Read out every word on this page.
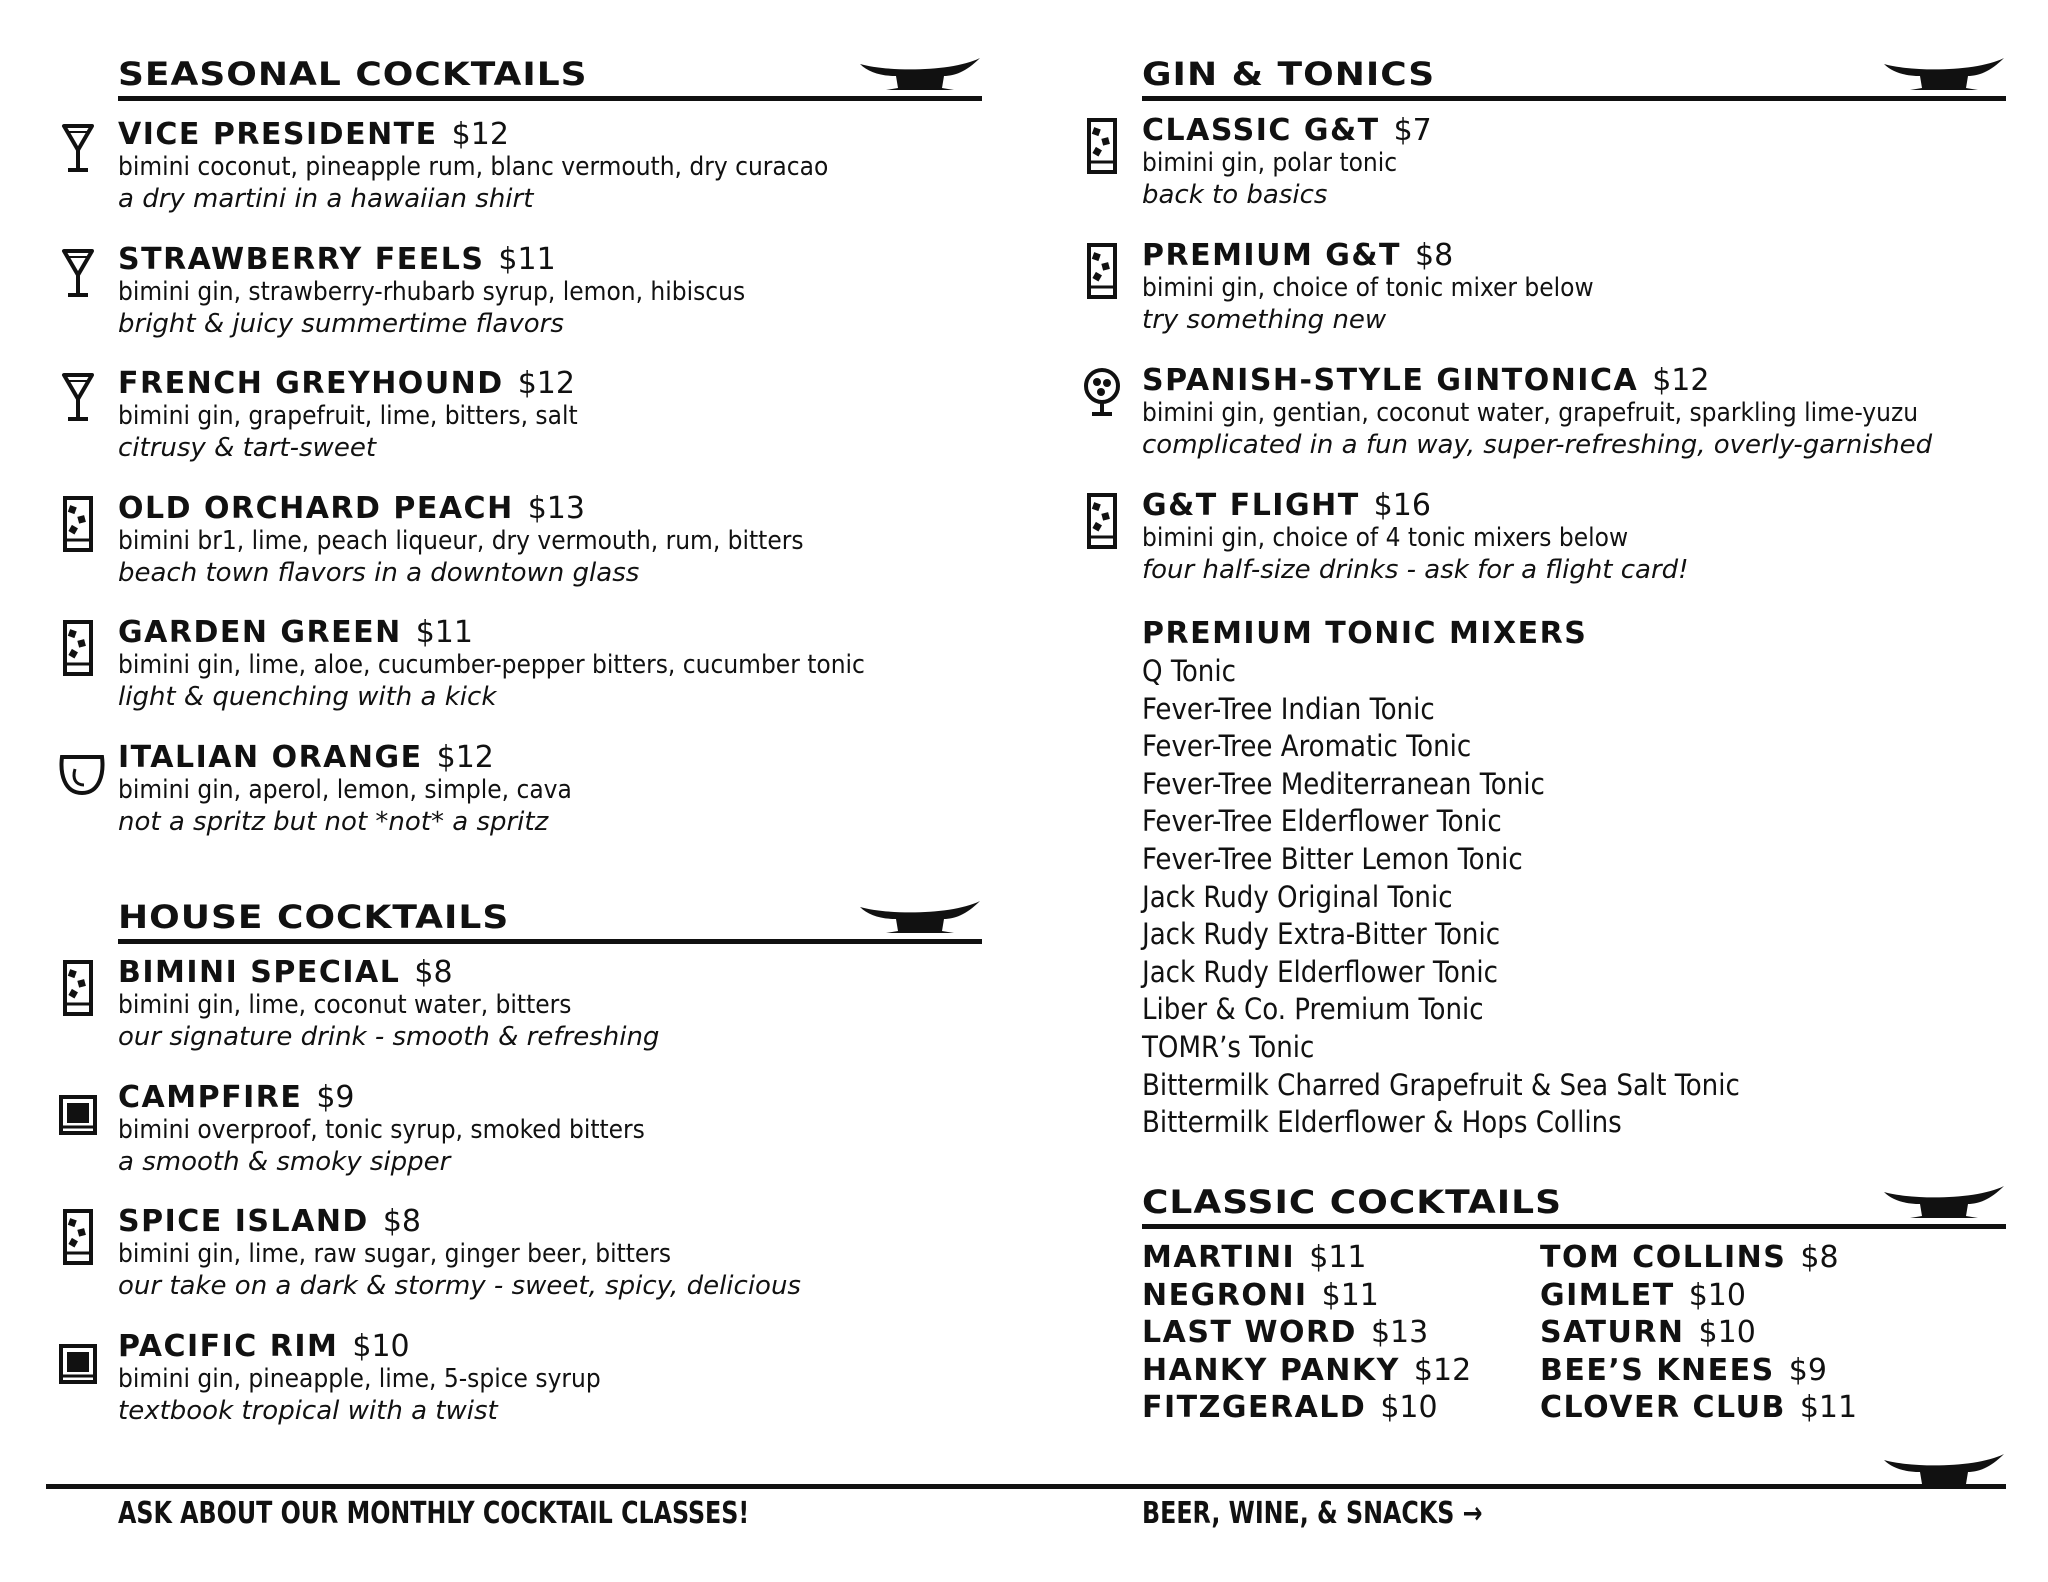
SEASONAL COCKTAILS
VICE PRESIDENTE $12
bimini coconut, pineapple rum, blanc vermouth, dry curacao
a dry martini in a hawaiian shirt
STRAWBERRY FEELS $11
bimini gin, strawberry-rhubarb syrup, lemon, hibiscus
bright & juicy summertime flavors
FRENCH GREYHOUND $12
bimini gin, grapefruit, lime, bitters, salt
citrusy & tart-sweet
OLD ORCHARD PEACH $13
bimini br1, lime, peach liqueur, dry vermouth, rum, bitters
beach town flavors in a downtown glass
GARDEN GREEN $11
bimini gin, lime, aloe, cucumber-pepper bitters, cucumber tonic
light & quenching with a kick
ITALIAN ORANGE $12
bimini gin, aperol, lemon, simple, cava
not a spritz but not *not* a spritz
HOUSE COCKTAILS
BIMINI SPECIAL $8
bimini gin, lime, coconut water, bitters
our signature drink - smooth & refreshing
CAMPFIRE $9
bimini overproof, tonic syrup, smoked bitters
a smooth & smoky sipper
SPICE ISLAND $8
bimini gin, lime, raw sugar, ginger beer, bitters
our take on a dark & stormy - sweet, spicy, delicious
PACIFIC RIM $10
bimini gin, pineapple, lime, 5-spice syrup
textbook tropical with a twist
GIN & TONICS
CLASSIC G&T $7
bimini gin, polar tonic
back to basics
PREMIUM G&T $8
bimini gin, choice of tonic mixer below
try something new
SPANISH-STYLE GINTONICA $12
bimini gin, gentian, coconut water, grapefruit, sparkling lime-yuzu
complicated in a fun way, super-refreshing, overly-garnished
G&T FLIGHT $16
bimini gin, choice of 4 tonic mixers below
four half-size drinks - ask for a flight card!
PREMIUM TONIC MIXERS
Q Tonic
Fever-Tree Indian Tonic
Fever-Tree Aromatic Tonic
Fever-Tree Mediterranean Tonic
Fever-Tree Elderflower Tonic
Fever-Tree Bitter Lemon Tonic
Jack Rudy Original Tonic
Jack Rudy Extra-Bitter Tonic
Jack Rudy Elderflower Tonic
Liber & Co. Premium Tonic
TOMR’s Tonic
Bittermilk Charred Grapefruit & Sea Salt Tonic
Bittermilk Elderflower & Hops Collins
CLASSIC COCKTAILS
MARTINI $11
NEGRONI $11
LAST WORD $13
HANKY PANKY $12
FITZGERALD $10
TOM COLLINS $8
GIMLET $10
SATURN $10
BEE’S KNEES $9
CLOVER CLUB $11
ASK ABOUT OUR MONTHLY COCKTAIL CLASSES!	BEER, WINE, & SNACKS →
